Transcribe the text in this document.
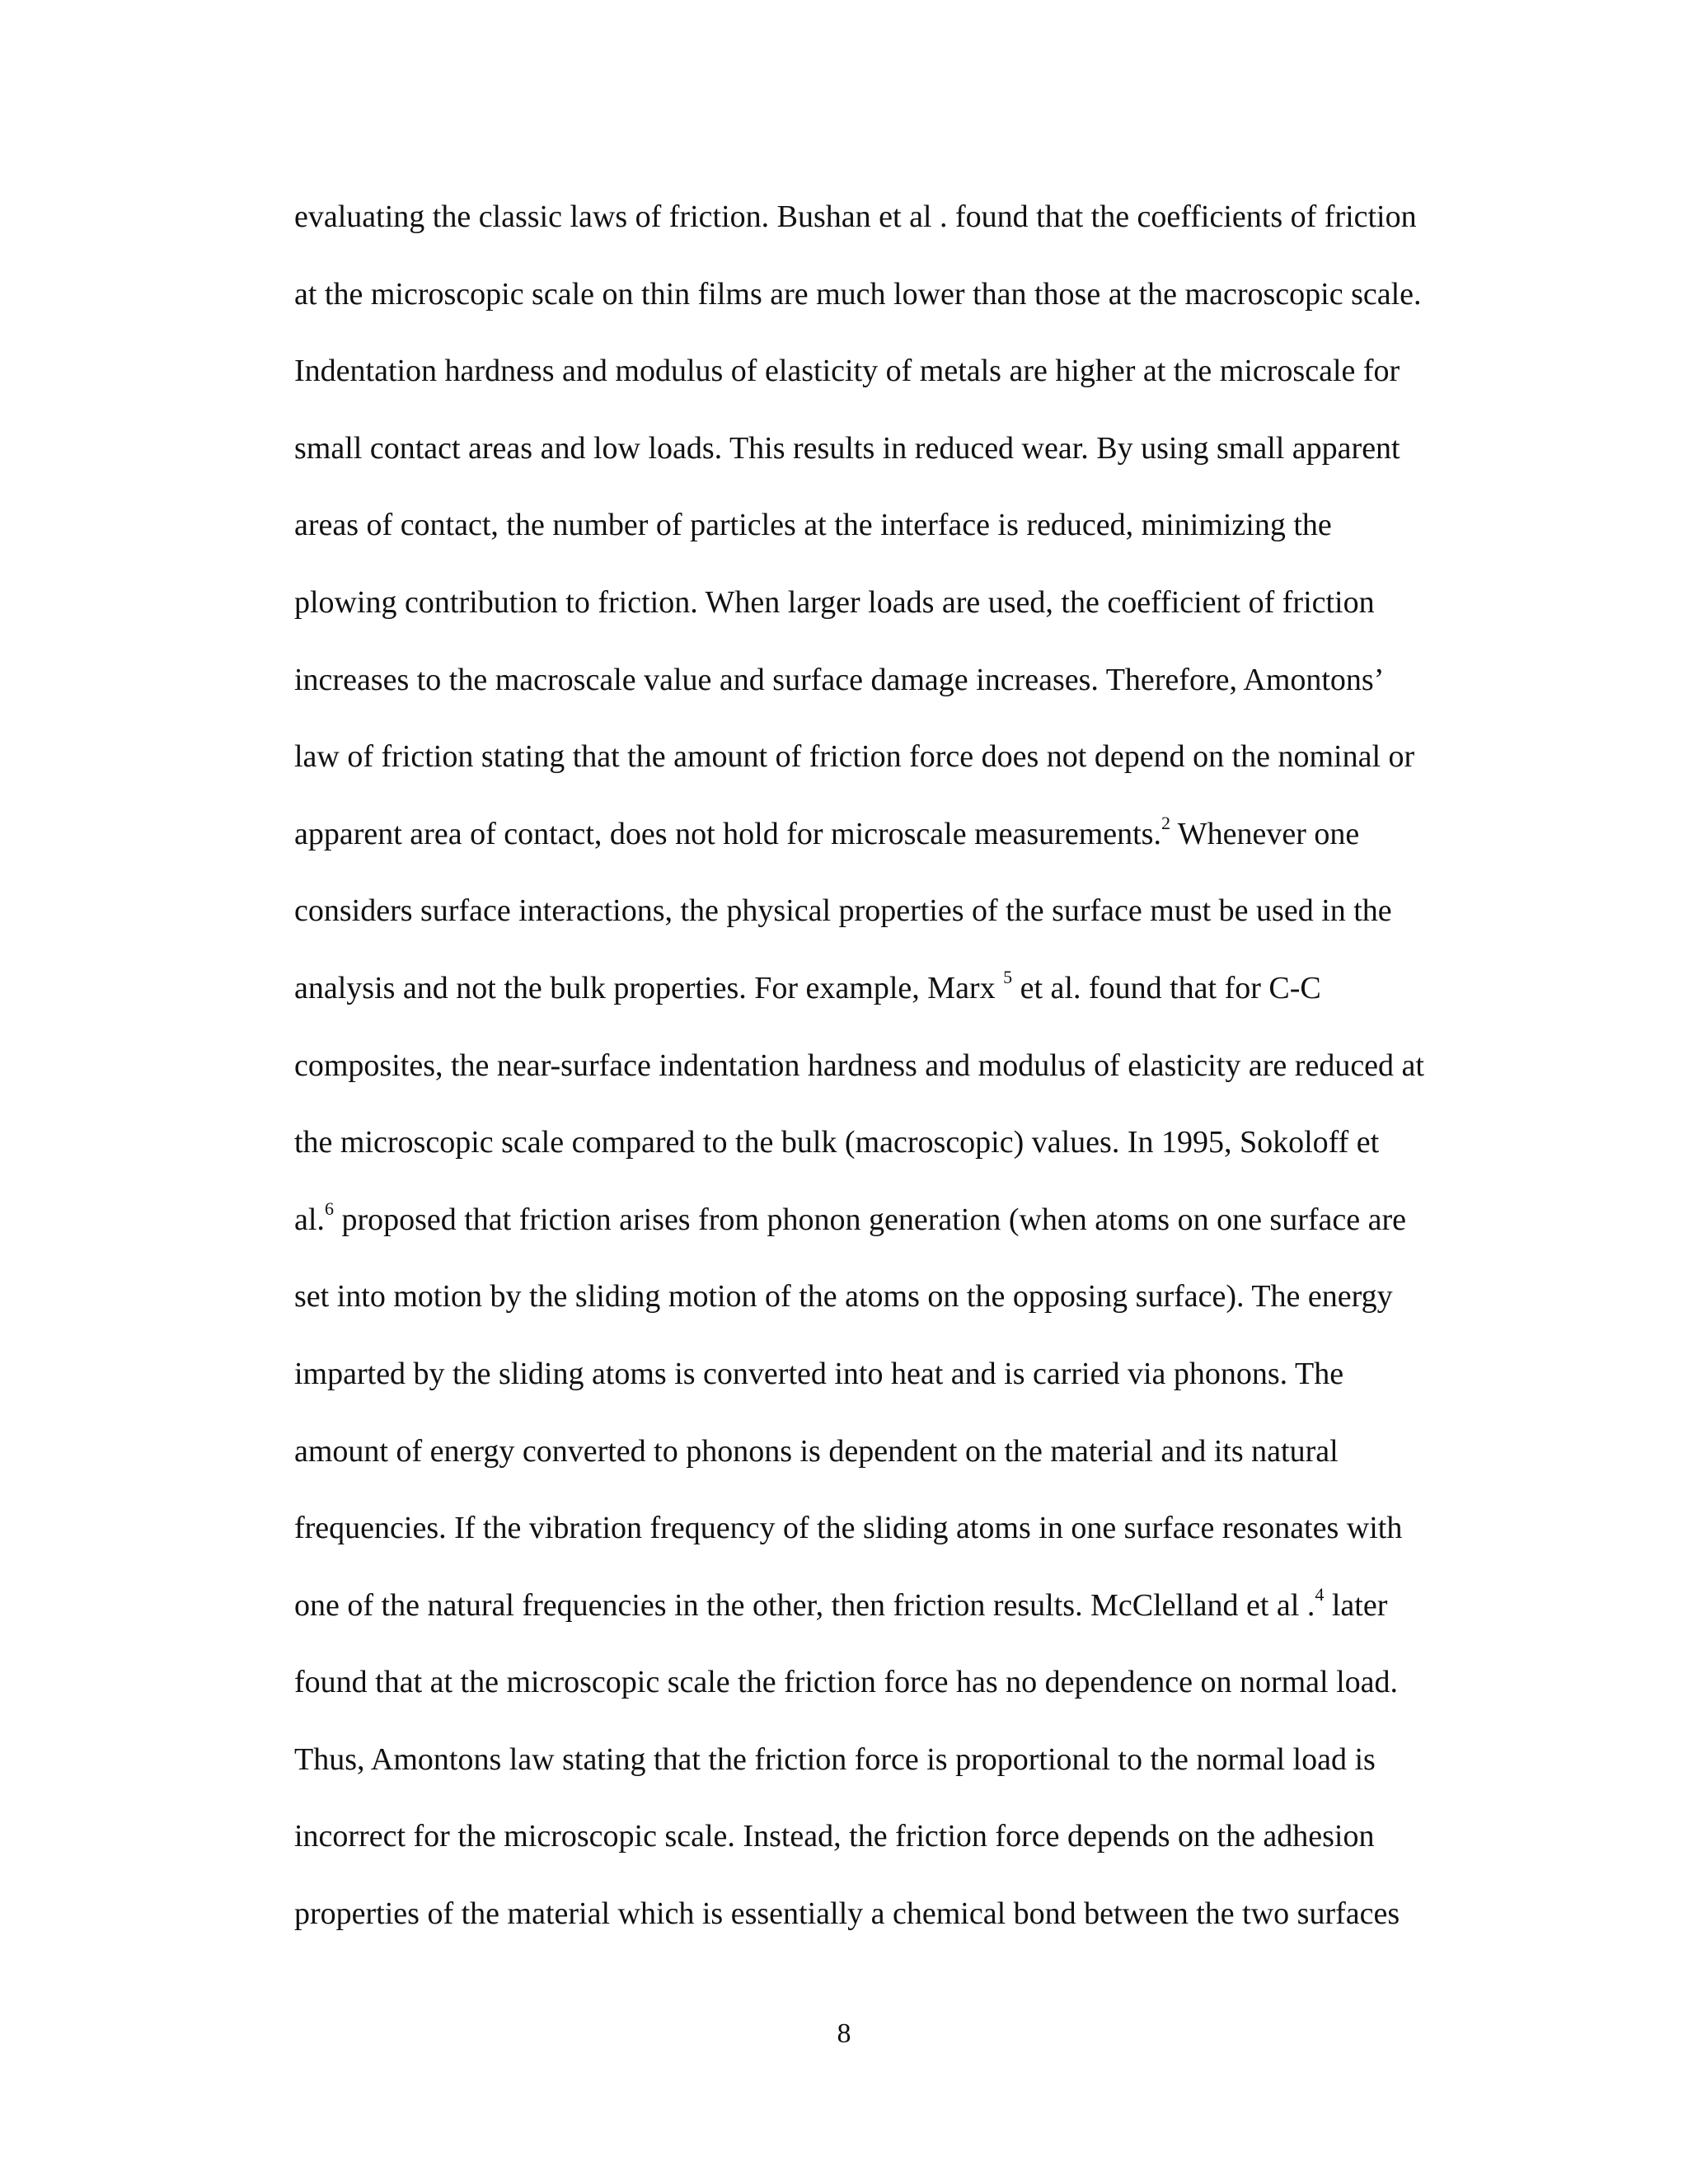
evaluating the classic laws of friction. Bushan et al . found that the coefficients of friction
at the microscopic scale on thin films are much lower than those at the macroscopic scale.
Indentation hardness and modulus of elasticity of metals are higher at the microscale for
small contact areas and low loads. This results in reduced wear. By using small apparent
areas of contact, the number of particles at the interface is reduced, minimizing the
plowing contribution to friction. When larger loads are used, the coefficient of friction
increases to the macroscale value and surface damage increases. Therefore, Amontons’
law of friction stating that the amount of friction force does not depend on the nominal or
apparent area of contact, does not hold for microscale measurements.$^2$ Whenever one
considers surface interactions, the physical properties of the surface must be used in the
analysis and not the bulk properties. For example, Marx $^5$ et al. found that for C-C
composites, the near-surface indentation hardness and modulus of elasticity are reduced at
the microscopic scale compared to the bulk (macroscopic) values. In 1995, Sokoloff et
al.$^6$ proposed that friction arises from phonon generation (when atoms on one surface are
set into motion by the sliding motion of the atoms on the opposing surface). The energy
imparted by the sliding atoms is converted into heat and is carried via phonons. The
amount of energy converted to phonons is dependent on the material and its natural
frequencies. If the vibration frequency of the sliding atoms in one surface resonates with
one of the natural frequencies in the other, then friction results. McClelland et al .$^4$ later
found that at the microscopic scale the friction force has no dependence on normal load.
Thus, Amontons law stating that the friction force is proportional to the normal load is
incorrect for the microscopic scale. Instead, the friction force depends on the adhesion
properties of the material which is essentially a chemical bond between the two surfaces
8
